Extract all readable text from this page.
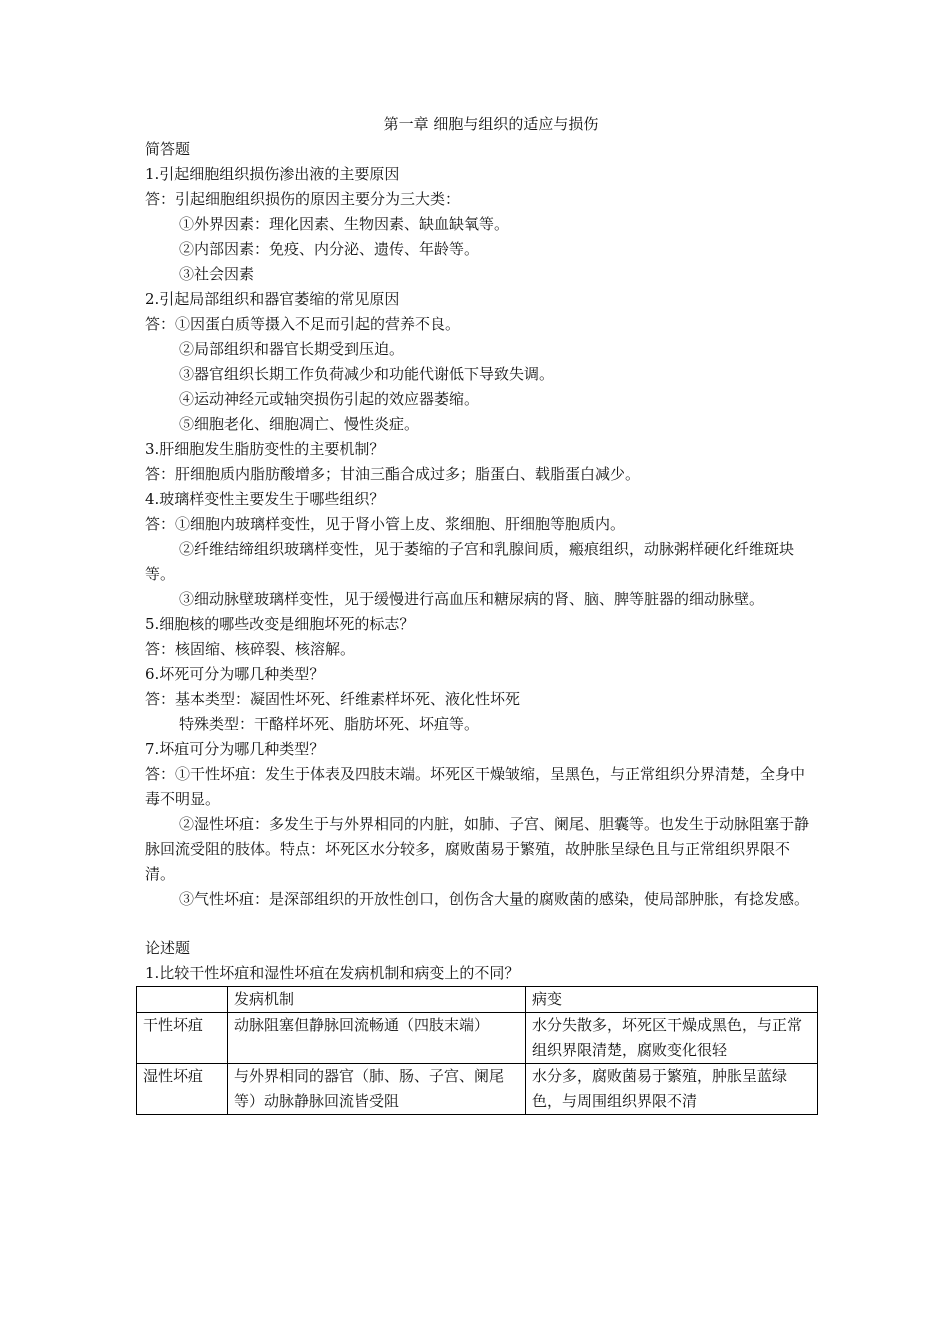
第一章 细胞与组织的适应与损伤

简答题

1.引起细胞组织损伤渗出液的主要原因

答：引起细胞组织损伤的原因主要分为三大类：

①外界因素：理化因素、生物因素、缺血缺氧等。

②内部因素：免疫、内分泌、遗传、年龄等。

③社会因素

2.引起局部组织和器官萎缩的常见原因

答：①因蛋白质等摄入不足而引起的营养不良。

②局部组织和器官长期受到压迫。

③器官组织长期工作负荷减少和功能代谢低下导致失调。

④运动神经元或轴突损伤引起的效应器萎缩。

⑤细胞老化、细胞凋亡、慢性炎症。

3.肝细胞发生脂肪变性的主要机制？

答：肝细胞质内脂肪酸增多；甘油三酯合成过多；脂蛋白、载脂蛋白减少。

4.玻璃样变性主要发生于哪些组织？

答：①细胞内玻璃样变性，见于肾小管上皮、浆细胞、肝细胞等胞质内。

②纤维结缔组织玻璃样变性，见于萎缩的子宫和乳腺间质，瘢痕组织，动脉粥样硬化纤维斑块等。

③细动脉壁玻璃样变性，见于缓慢进行高血压和糖尿病的肾、脑、脾等脏器的细动脉壁。

5.细胞核的哪些改变是细胞坏死的标志？

答：核固缩、核碎裂、核溶解。

6.坏死可分为哪几种类型？

答：基本类型：凝固性坏死、纤维素样坏死、液化性坏死

特殊类型：干酪样坏死、脂肪坏死、坏疽等。

7.坏疽可分为哪几种类型？

答：①干性坏疽：发生于体表及四肢末端。坏死区干燥皱缩，呈黑色，与正常组织分界清楚，全身中毒不明显。

②湿性坏疽：多发生于与外界相同的内脏，如肺、子宫、阑尾、胆囊等。也发生于动脉阻塞于静脉回流受阻的肢体。特点：坏死区水分较多，腐败菌易于繁殖，故肿胀呈绿色且与正常组织界限不清。

③气性坏疽：是深部组织的开放性创口，创伤含大量的腐败菌的感染，使局部肿胀，有捻发感。

论述题

1.比较干性坏疽和湿性坏疽在发病机制和病变上的不同？

	发病机制	病变
干性坏疽	动脉阻塞但静脉回流畅通（四肢末端）	水分失散多，坏死区干燥成黑色，与正常组织界限清楚，腐败变化很轻
湿性坏疽	与外界相同的器官（肺、肠、子宫、阑尾等）动脉静脉回流皆受阻	水分多，腐败菌易于繁殖，肿胀呈蓝绿色，与周围组织界限不清
